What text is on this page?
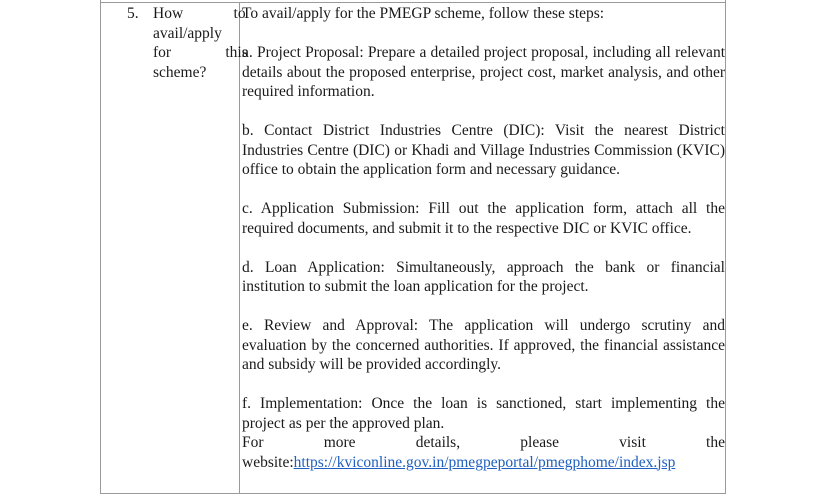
5. How	to
avail/apply
for	this
scheme?

To avail/apply for the PMEGP scheme, follow these steps:

a. Project Proposal: Prepare a detailed project proposal, including all relevant details about the proposed enterprise, project cost, market analysis, and other required information.

b. Contact District Industries Centre (DIC): Visit the nearest District Industries Centre (DIC) or Khadi and Village Industries Commission (KVIC) office to obtain the application form and necessary guidance.

c. Application Submission: Fill out the application form, attach all the required documents, and submit it to the respective DIC or KVIC office.

d. Loan Application: Simultaneously, approach the bank or financial institution to submit the loan application for the project.

e. Review and Approval: The application will undergo scrutiny and evaluation by the concerned authorities. If approved, the financial assistance and subsidy will be provided accordingly.

f. Implementation: Once the loan is sanctioned, start implementing the project as per the approved plan.

For	more	details,	please	visit	the
website:https://kviconline.gov.in/pmegpeportal/pmegphome/index.jsp
